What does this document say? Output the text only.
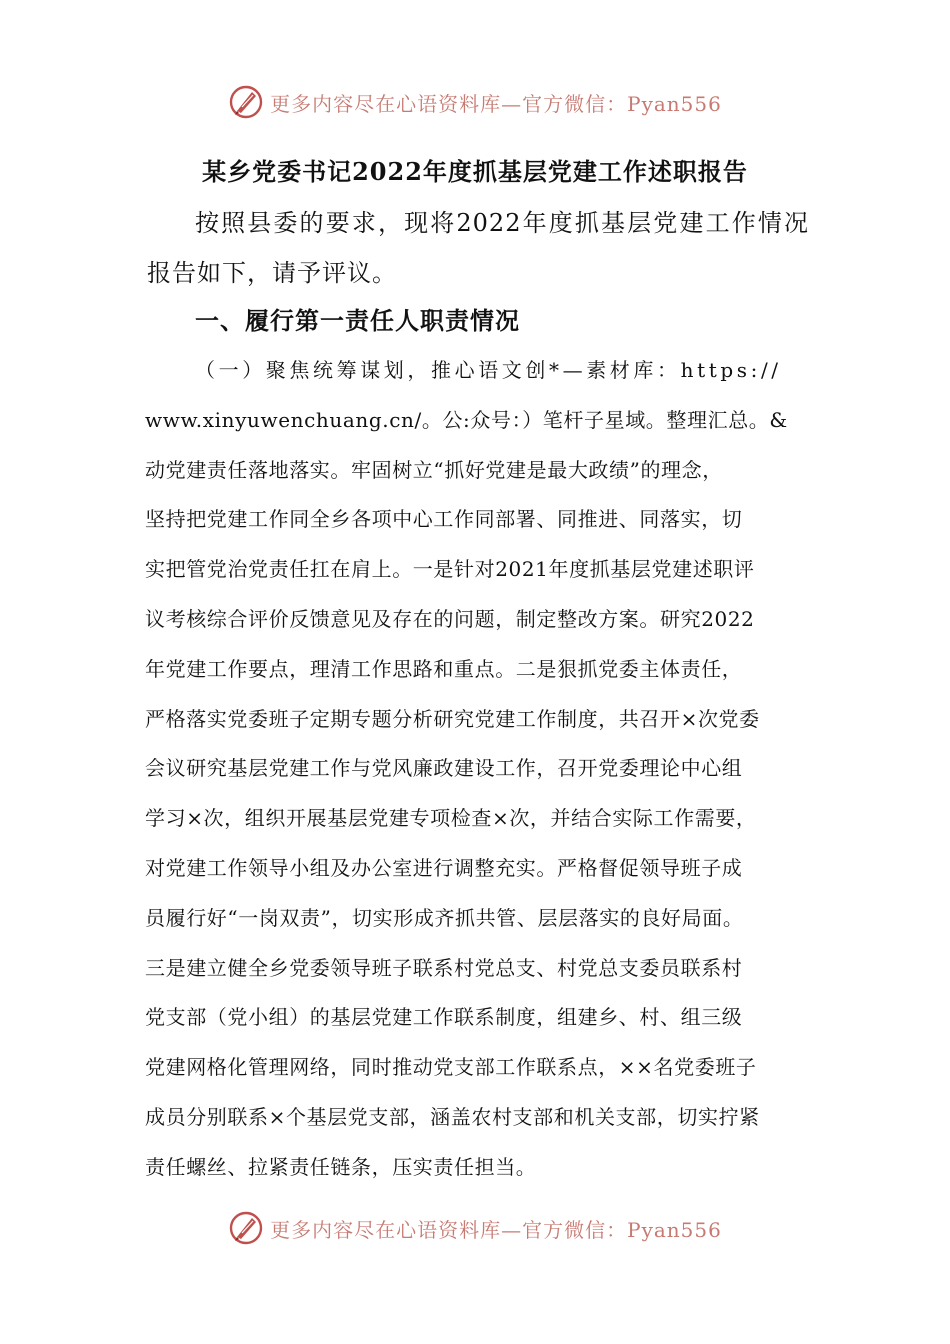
更多内容尽在心语资料库—官方微信：Pyan556
某乡党委书记2022年度抓基层党建工作述职报告
按照县委的要求，现将2022年度抓基层党建工作情况报告如下，请予评议。
一、履行第一责任人职责情况
（一）聚焦统筹谋划，推心语文创*—素材库：https://
www.xinyuwenchuang.cn/。公:众号：）笔杆子星域。整理汇总。&
动党建责任落地落实。牢固树立“抓好党建是最大政绩”的理念，
坚持把党建工作同全乡各项中心工作同部署、同推进、同落实，切
实把管党治党责任扛在肩上。一是针对2021年度抓基层党建述职评
议考核综合评价反馈意见及存在的问题，制定整改方案。研究2022
年党建工作要点，理清工作思路和重点。二是狠抓党委主体责任，
严格落实党委班子定期专题分析研究党建工作制度，共召开×次党委
会议研究基层党建工作与党风廉政建设工作，召开党委理论中心组
学习×次，组织开展基层党建专项检查×次，并结合实际工作需要，
对党建工作领导小组及办公室进行调整充实。严格督促领导班子成
员履行好“一岗双责”，切实形成齐抓共管、层层落实的良好局面。
三是建立健全乡党委领导班子联系村党总支、村党总支委员联系村
党支部（党小组）的基层党建工作联系制度，组建乡、村、组三级
党建网格化管理网络，同时推动党支部工作联系点，××名党委班子
成员分别联系×个基层党支部，涵盖农村支部和机关支部，切实拧紧
责任螺丝、拉紧责任链条，压实责任担当。
更多内容尽在心语资料库—官方微信：Pyan556
